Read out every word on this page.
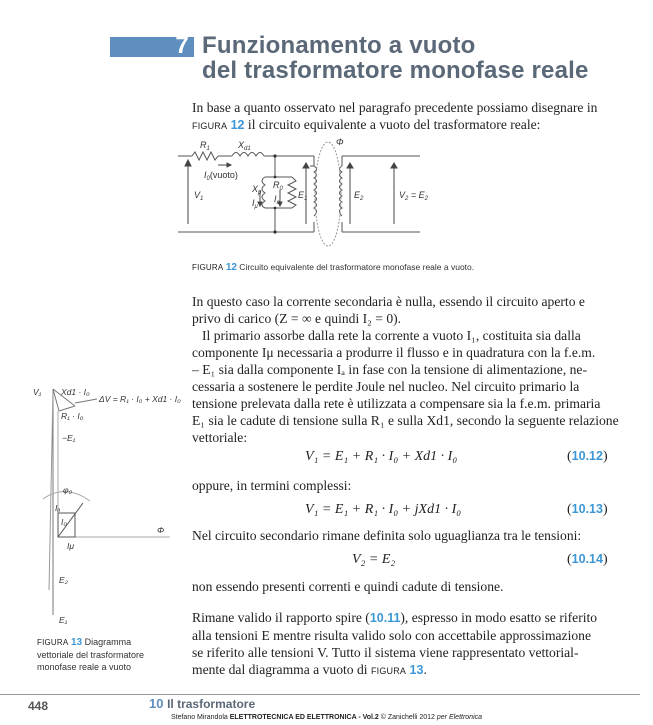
7 Funzionamento a vuoto
del trasformatore monofase reale
In base a quanto osservato nel paragrafo precedente possiamo disegnare in
FIGURA 12 il circuito equivalente a vuoto del trasformatore reale:
$R_1$	$X_{d1}$
$I_0(vuoto)$
$V_1$
$X_\mu$
$I_\mu$
$R_0$
$I_a$
$E_1$
Φ
$E_2$	$V_2 = E_2$
FIGURA 12 Circuito equivalente del trasformatore monofase reale a vuoto.
In questo caso la corrente secondaria è nulla, essendo il circuito aperto e
privo di carico (Z = ∞ e quindi I₂ = 0).
Il primario assorbe dalla rete la corrente a vuoto I₁, costituita sia dalla
componente Iμ necessaria a produrre il flusso e in quadratura con la f.e.m.
– E₁ sia dalla componente Iₐ in fase con la tensione di alimentazione, ne-
cessaria a sostenere le perdite Joule nel nucleo. Nel circuito primario la
tensione prelevata dalla rete è utilizzata a compensare sia la f.e.m. primaria
E₁ sia le cadute di tensione sulla R₁ e sulla Xd1, secondo la seguente relazione
vettoriale:
V₁ = E₁ + R₁ · I₀ + Xd1 · I₀	(10.12)
oppure, in termini complessi:
V₁ = E₁ + R₁ · I₀ + jXd1 · I₀	(10.13)
Nel circuito secondario rimane definita solo uguaglianza tra le tensioni:
V₂ = E₂	(10.14)
non essendo presenti correnti e quindi cadute di tensione.
Rimane valido il rapporto spire (10.11), espresso in modo esatto se riferito
alla tensioni E mentre risulta valido solo con accettabile approssimazione
se riferito alle tensioni V. Tutto il sistema viene rappresentato vettorial-
mente dal diagramma a vuoto di FIGURA 13.
V₁ Xd1 · I₀
ΔV = R₁ · I₀ + Xd1 · I₀
R₁ · I₀
−E₁
φ₀
Iₐ
I₀
Iμ
Φ
E₂
E₁
FIGURA 13 Diagramma
vettoriale del trasformatore
monofase reale a vuoto
448	10 Il trasformatore
Stefano Mirandola ELETTROTECNICA ED ELETTRONICA - Vol.2 © Zanichelli 2012 per Elettronica
